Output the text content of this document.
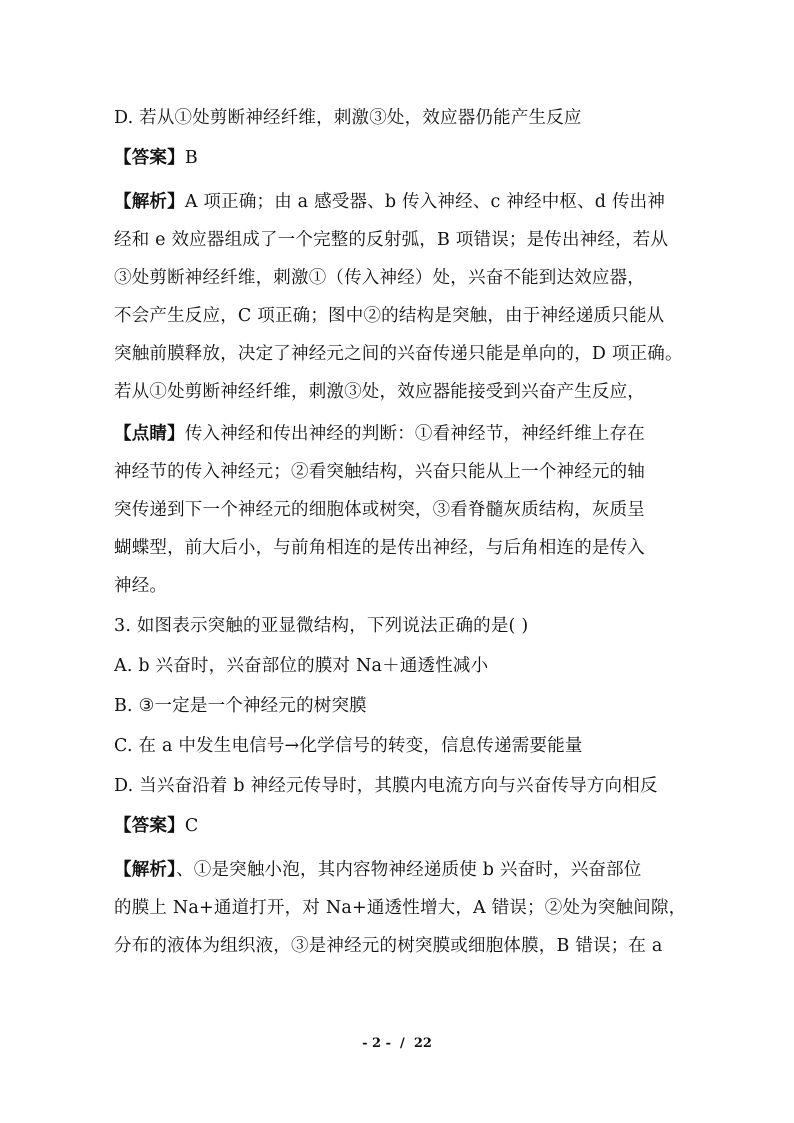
D. 若从①处剪断神经纤维，刺激③处，效应器仍能产生反应
【答案】B
【解析】A 项正确；由 a 感受器、b 传入神经、c 神经中枢、d 传出神
经和 e 效应器组成了一个完整的反射弧，B 项错误；是传出神经，若从
③处剪断神经纤维，刺激①（传入神经）处，兴奋不能到达效应器，
不会产生反应，C 项正确；图中②的结构是突触，由于神经递质只能从
突触前膜释放，决定了神经元之间的兴奋传递只能是单向的，D 项正确。
若从①处剪断神经纤维，刺激③处，效应器能接受到兴奋产生反应，
【点睛】传入神经和传出神经的判断：①看神经节，神经纤维上存在
神经节的传入神经元；②看突触结构，兴奋只能从上一个神经元的轴
突传递到下一个神经元的细胞体或树突，③看脊髓灰质结构，灰质呈
蝴蝶型，前大后小，与前角相连的是传出神经，与后角相连的是传入
神经。
3. 如图表示突触的亚显微结构，下列说法正确的是( )
A. b 兴奋时，兴奋部位的膜对 Na＋通透性减小
B. ③一定是一个神经元的树突膜
C. 在 a 中发生电信号→化学信号的转变，信息传递需要能量
D. 当兴奋沿着 b 神经元传导时，其膜内电流方向与兴奋传导方向相反
【答案】C
【解析】、①是突触小泡，其内容物神经递质使 b 兴奋时，兴奋部位
的膜上 Na+通道打开，对 Na+通透性增大，A 错误；②处为突触间隙，
分布的液体为组织液，③是神经元的树突膜或细胞体膜，B 错误；在 a
- 2 -  /  22
